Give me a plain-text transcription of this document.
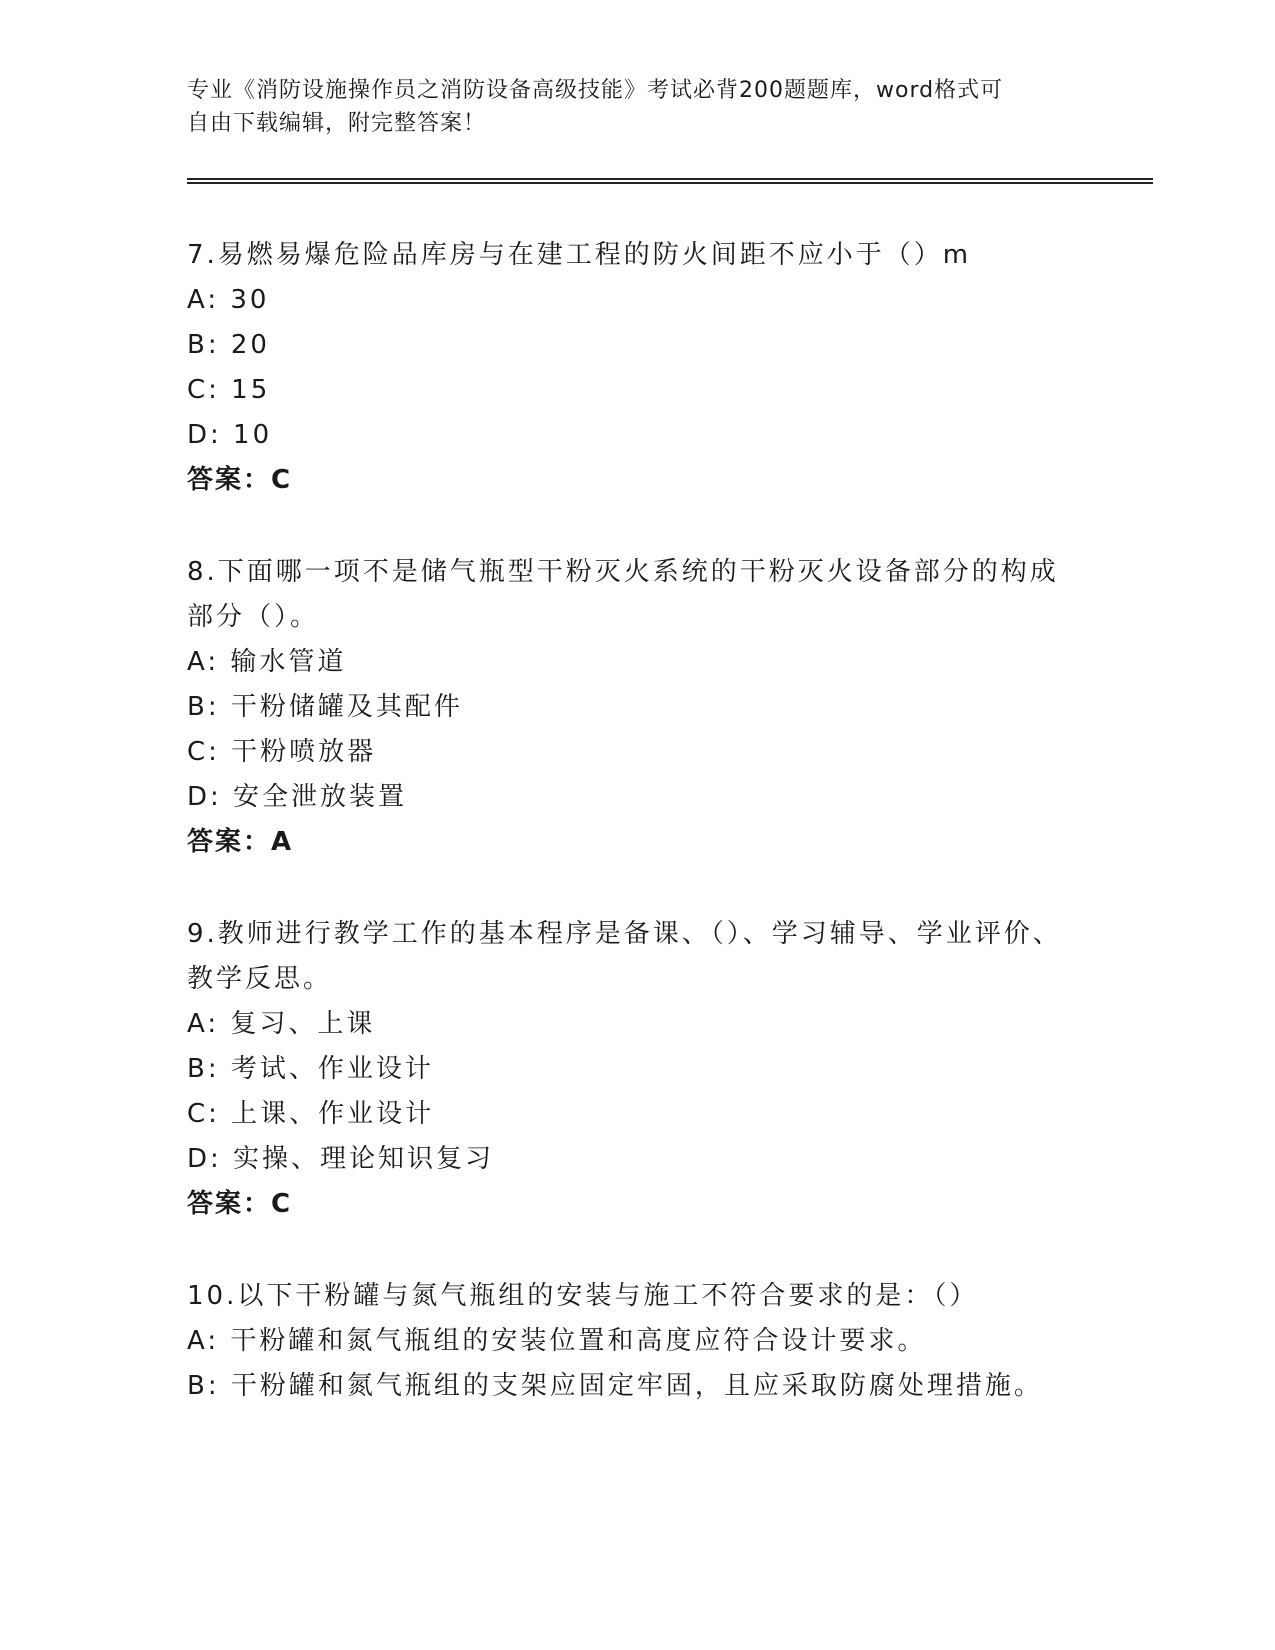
专业《消防设施操作员之消防设备高级技能》考试必背200题题库，word格式可
自由下载编辑，附完整答案！
7.易燃易爆危险品库房与在建工程的防火间距不应小于（）m
A: 30
B: 20
C: 15
D: 10
答案：C
8.下面哪一项不是储气瓶型干粉灭火系统的干粉灭火设备部分的构成部分（）。
A: 输水管道
B: 干粉储罐及其配件
C: 干粉喷放器
D: 安全泄放装置
答案：A
9.教师进行教学工作的基本程序是备课、（）、学习辅导、学业评价、教学反思。
A: 复习、上课
B: 考试、作业设计
C: 上课、作业设计
D: 实操、理论知识复习
答案：C
10.以下干粉罐与氮气瓶组的安装与施工不符合要求的是：（）
A: 干粉罐和氮气瓶组的安装位置和高度应符合设计要求。
B: 干粉罐和氮气瓶组的支架应固定牢固，且应采取防腐处理措施。
